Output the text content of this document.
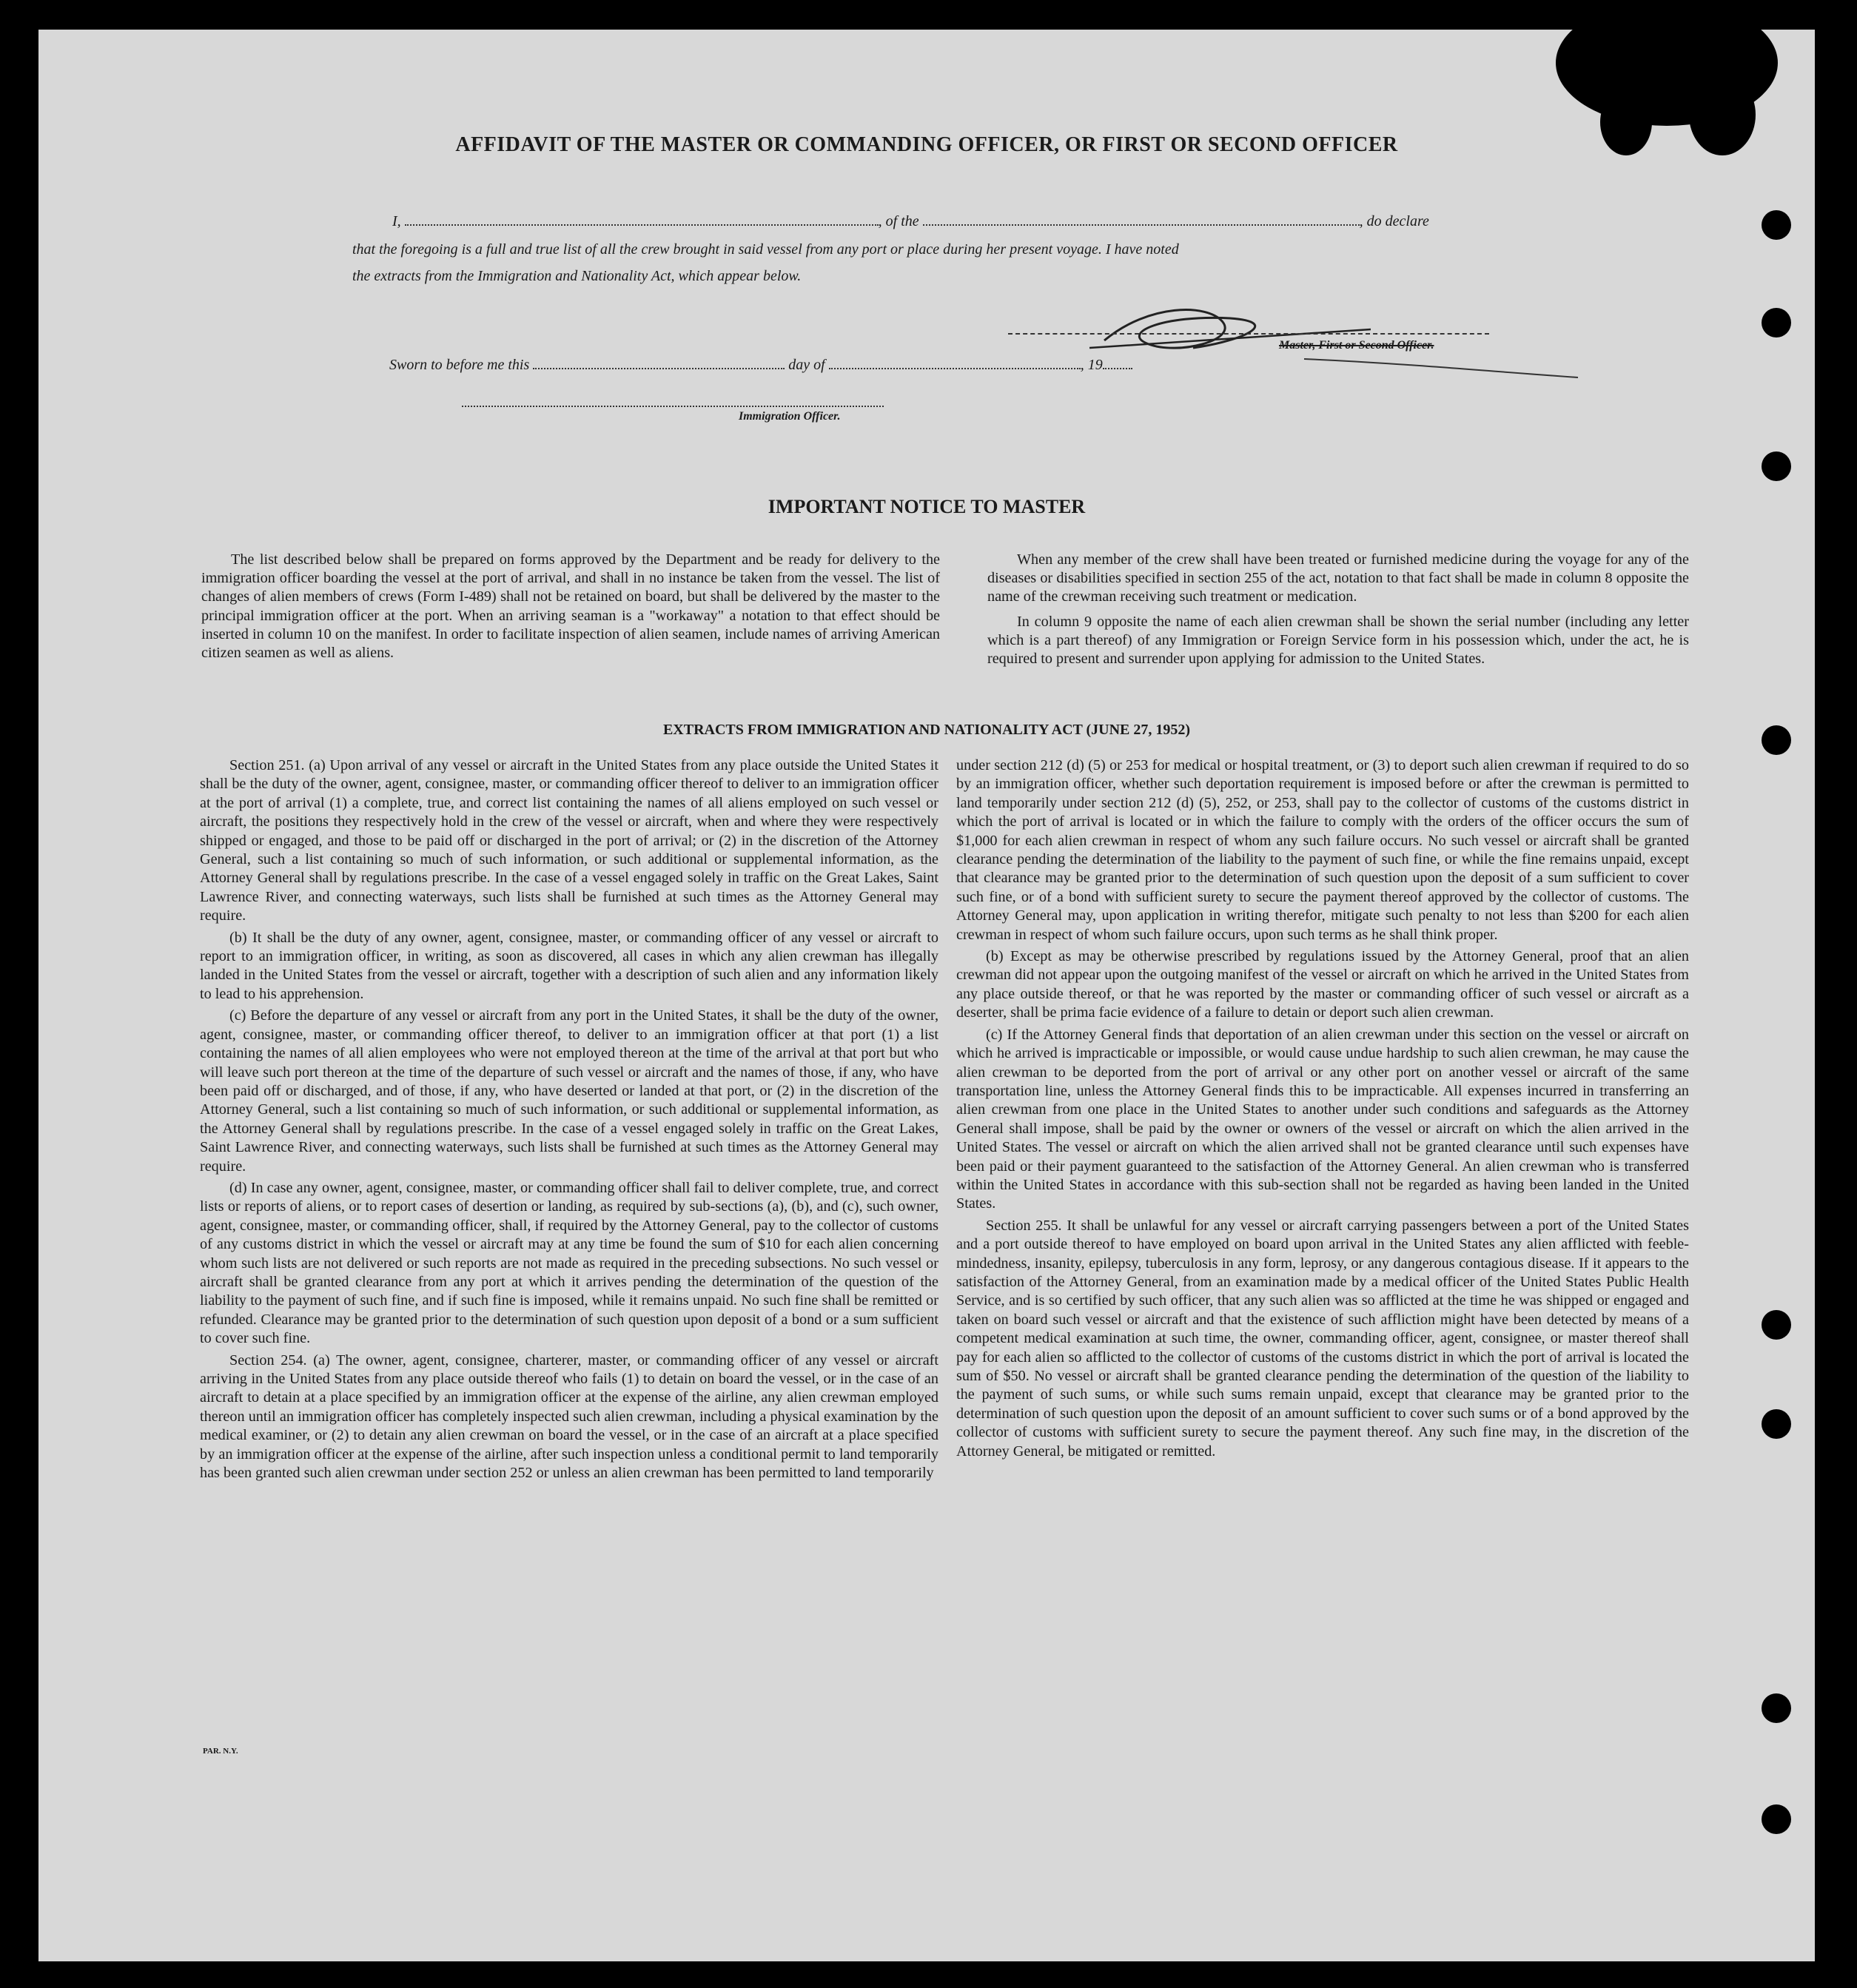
AFFIDAVIT OF THE MASTER OR COMMANDING OFFICER, OR FIRST OR SECOND OFFICER
I,	, of the	, do declare
that the foregoing is a full and true list of all the crew brought in said vessel from any port or place during her present voyage. I have noted
the extracts from the Immigration and Nationality Act, which appear below.
Master, First or Second Officer.
Sworn to before me this	day of	, 19
Immigration Officer.
IMPORTANT NOTICE TO MASTER

The list described below shall be prepared on forms approved by the Department and be ready for delivery to the immigration officer boarding the vessel at the port of arrival, and shall in no instance be taken from the vessel. The list of changes of alien members of crews (Form I-489) shall not be retained on board, but shall be delivered by the master to the principal immigration officer at the port. When an arriving seaman is a "workaway" a notation to that effect should be inserted in column 10 on the manifest. In order to facilitate inspection of alien seamen, include names of arriving American citizen seamen as well as aliens.

When any member of the crew shall have been treated or furnished medicine during the voyage for any of the diseases or disabilities specified in section 255 of the act, notation to that fact shall be made in column 8 opposite the name of the crewman receiving such treatment or medication.

In column 9 opposite the name of each alien crewman shall be shown the serial number (including any letter which is a part thereof) of any Immigration or Foreign Service form in his possession which, under the act, he is required to present and surrender upon applying for admission to the United States.

EXTRACTS FROM IMMIGRATION AND NATIONALITY ACT (JUNE 27, 1952)

Section 251. (a) Upon arrival of any vessel or aircraft in the United States from any place outside the United States it shall be the duty of the owner, agent, consignee, master, or commanding officer thereof to deliver to an immigration officer at the port of arrival (1) a complete, true, and correct list containing the names of all aliens employed on such vessel or aircraft, the positions they respectively hold in the crew of the vessel or aircraft, when and where they were respectively shipped or engaged, and those to be paid off or discharged in the port of arrival; or (2) in the discretion of the Attorney General, such a list containing so much of such information, or such additional or supplemental information, as the Attorney General shall by regulations prescribe. In the case of a vessel engaged solely in traffic on the Great Lakes, Saint Lawrence River, and connecting waterways, such lists shall be furnished at such times as the Attorney General may require.

(b) It shall be the duty of any owner, agent, consignee, master, or commanding officer of any vessel or aircraft to report to an immigration officer, in writing, as soon as discovered, all cases in which any alien crewman has illegally landed in the United States from the vessel or aircraft, together with a description of such alien and any information likely to lead to his apprehension.

(c) Before the departure of any vessel or aircraft from any port in the United States, it shall be the duty of the owner, agent, consignee, master, or commanding officer thereof, to deliver to an immigration officer at that port (1) a list containing the names of all alien employees who were not employed thereon at the time of the arrival at that port but who will leave such port thereon at the time of the departure of such vessel or aircraft and the names of those, if any, who have been paid off or discharged, and of those, if any, who have deserted or landed at that port, or (2) in the discretion of the Attorney General, such a list containing so much of such information, or such additional or supplemental information, as the Attorney General shall by regulations prescribe. In the case of a vessel engaged solely in traffic on the Great Lakes, Saint Lawrence River, and connecting waterways, such lists shall be furnished at such times as the Attorney General may require.

(d) In case any owner, agent, consignee, master, or commanding officer shall fail to deliver complete, true, and correct lists or reports of aliens, or to report cases of desertion or landing, as required by sub-sections (a), (b), and (c), such owner, agent, consignee, master, or commanding officer, shall, if required by the Attorney General, pay to the collector of customs of any customs district in which the vessel or aircraft may at any time be found the sum of $10 for each alien concerning whom such lists are not delivered or such reports are not made as required in the preceding subsections. No such vessel or aircraft shall be granted clearance from any port at which it arrives pending the determination of the question of the liability to the payment of such fine, and if such fine is imposed, while it remains unpaid. No such fine shall be remitted or refunded. Clearance may be granted prior to the determination of such question upon deposit of a bond or a sum sufficient to cover such fine.

Section 254. (a) The owner, agent, consignee, charterer, master, or commanding officer of any vessel or aircraft arriving in the United States from any place outside thereof who fails (1) to detain on board the vessel, or in the case of an aircraft to detain at a place specified by an immigration officer at the expense of the airline, any alien crewman employed thereon until an immigration officer has completely inspected such alien crewman, including a physical examination by the medical examiner, or (2) to detain any alien crewman on board the vessel, or in the case of an aircraft at a place specified by an immigration officer at the expense of the airline, after such inspection unless a conditional permit to land temporarily has been granted such alien crewman under section 252 or unless an alien crewman has been permitted to land temporarily

under section 212 (d) (5) or 253 for medical or hospital treatment, or (3) to deport such alien crewman if required to do so by an immigration officer, whether such deportation requirement is imposed before or after the crewman is permitted to land temporarily under section 212 (d) (5), 252, or 253, shall pay to the collector of customs of the customs district in which the port of arrival is located or in which the failure to comply with the orders of the officer occurs the sum of $1,000 for each alien crewman in respect of whom any such failure occurs. No such vessel or aircraft shall be granted clearance pending the determination of the liability to the payment of such fine, or while the fine remains unpaid, except that clearance may be granted prior to the determination of such question upon the deposit of a sum sufficient to cover such fine, or of a bond with sufficient surety to secure the payment thereof approved by the collector of customs. The Attorney General may, upon application in writing therefor, mitigate such penalty to not less than $200 for each alien crewman in respect of whom such failure occurs, upon such terms as he shall think proper.

(b) Except as may be otherwise prescribed by regulations issued by the Attorney General, proof that an alien crewman did not appear upon the outgoing manifest of the vessel or aircraft on which he arrived in the United States from any place outside thereof, or that he was reported by the master or commanding officer of such vessel or aircraft as a deserter, shall be prima facie evidence of a failure to detain or deport such alien crewman.

(c) If the Attorney General finds that deportation of an alien crewman under this section on the vessel or aircraft on which he arrived is impracticable or impossible, or would cause undue hardship to such alien crewman, he may cause the alien crewman to be deported from the port of arrival or any other port on another vessel or aircraft of the same transportation line, unless the Attorney General finds this to be impracticable. All expenses incurred in transferring an alien crewman from one place in the United States to another under such conditions and safeguards as the Attorney General shall impose, shall be paid by the owner or owners of the vessel or aircraft on which the alien arrived in the United States. The vessel or aircraft on which the alien arrived shall not be granted clearance until such expenses have been paid or their payment guaranteed to the satisfaction of the Attorney General. An alien crewman who is transferred within the United States in accordance with this sub-section shall not be regarded as having been landed in the United States.

Section 255. It shall be unlawful for any vessel or aircraft carrying passengers between a port of the United States and a port outside thereof to have employed on board upon arrival in the United States any alien afflicted with feeble-mindedness, insanity, epilepsy, tuberculosis in any form, leprosy, or any dangerous contagious disease. If it appears to the satisfaction of the Attorney General, from an examination made by a medical officer of the United States Public Health Service, and is so certified by such officer, that any such alien was so afflicted at the time he was shipped or engaged and taken on board such vessel or aircraft and that the existence of such affliction might have been detected by means of a competent medical examination at such time, the owner, commanding officer, agent, consignee, or master thereof shall pay for each alien so afflicted to the collector of customs of the customs district in which the port of arrival is located the sum of $50. No vessel or aircraft shall be granted clearance pending the determination of the question of the liability to the payment of such sums, or while such sums remain unpaid, except that clearance may be granted prior to the determination of such question upon the deposit of an amount sufficient to cover such sums or of a bond approved by the collector of customs with sufficient surety to secure the payment thereof. Any such fine may, in the discretion of the Attorney General, be mitigated or remitted.

PAR. N.Y.
